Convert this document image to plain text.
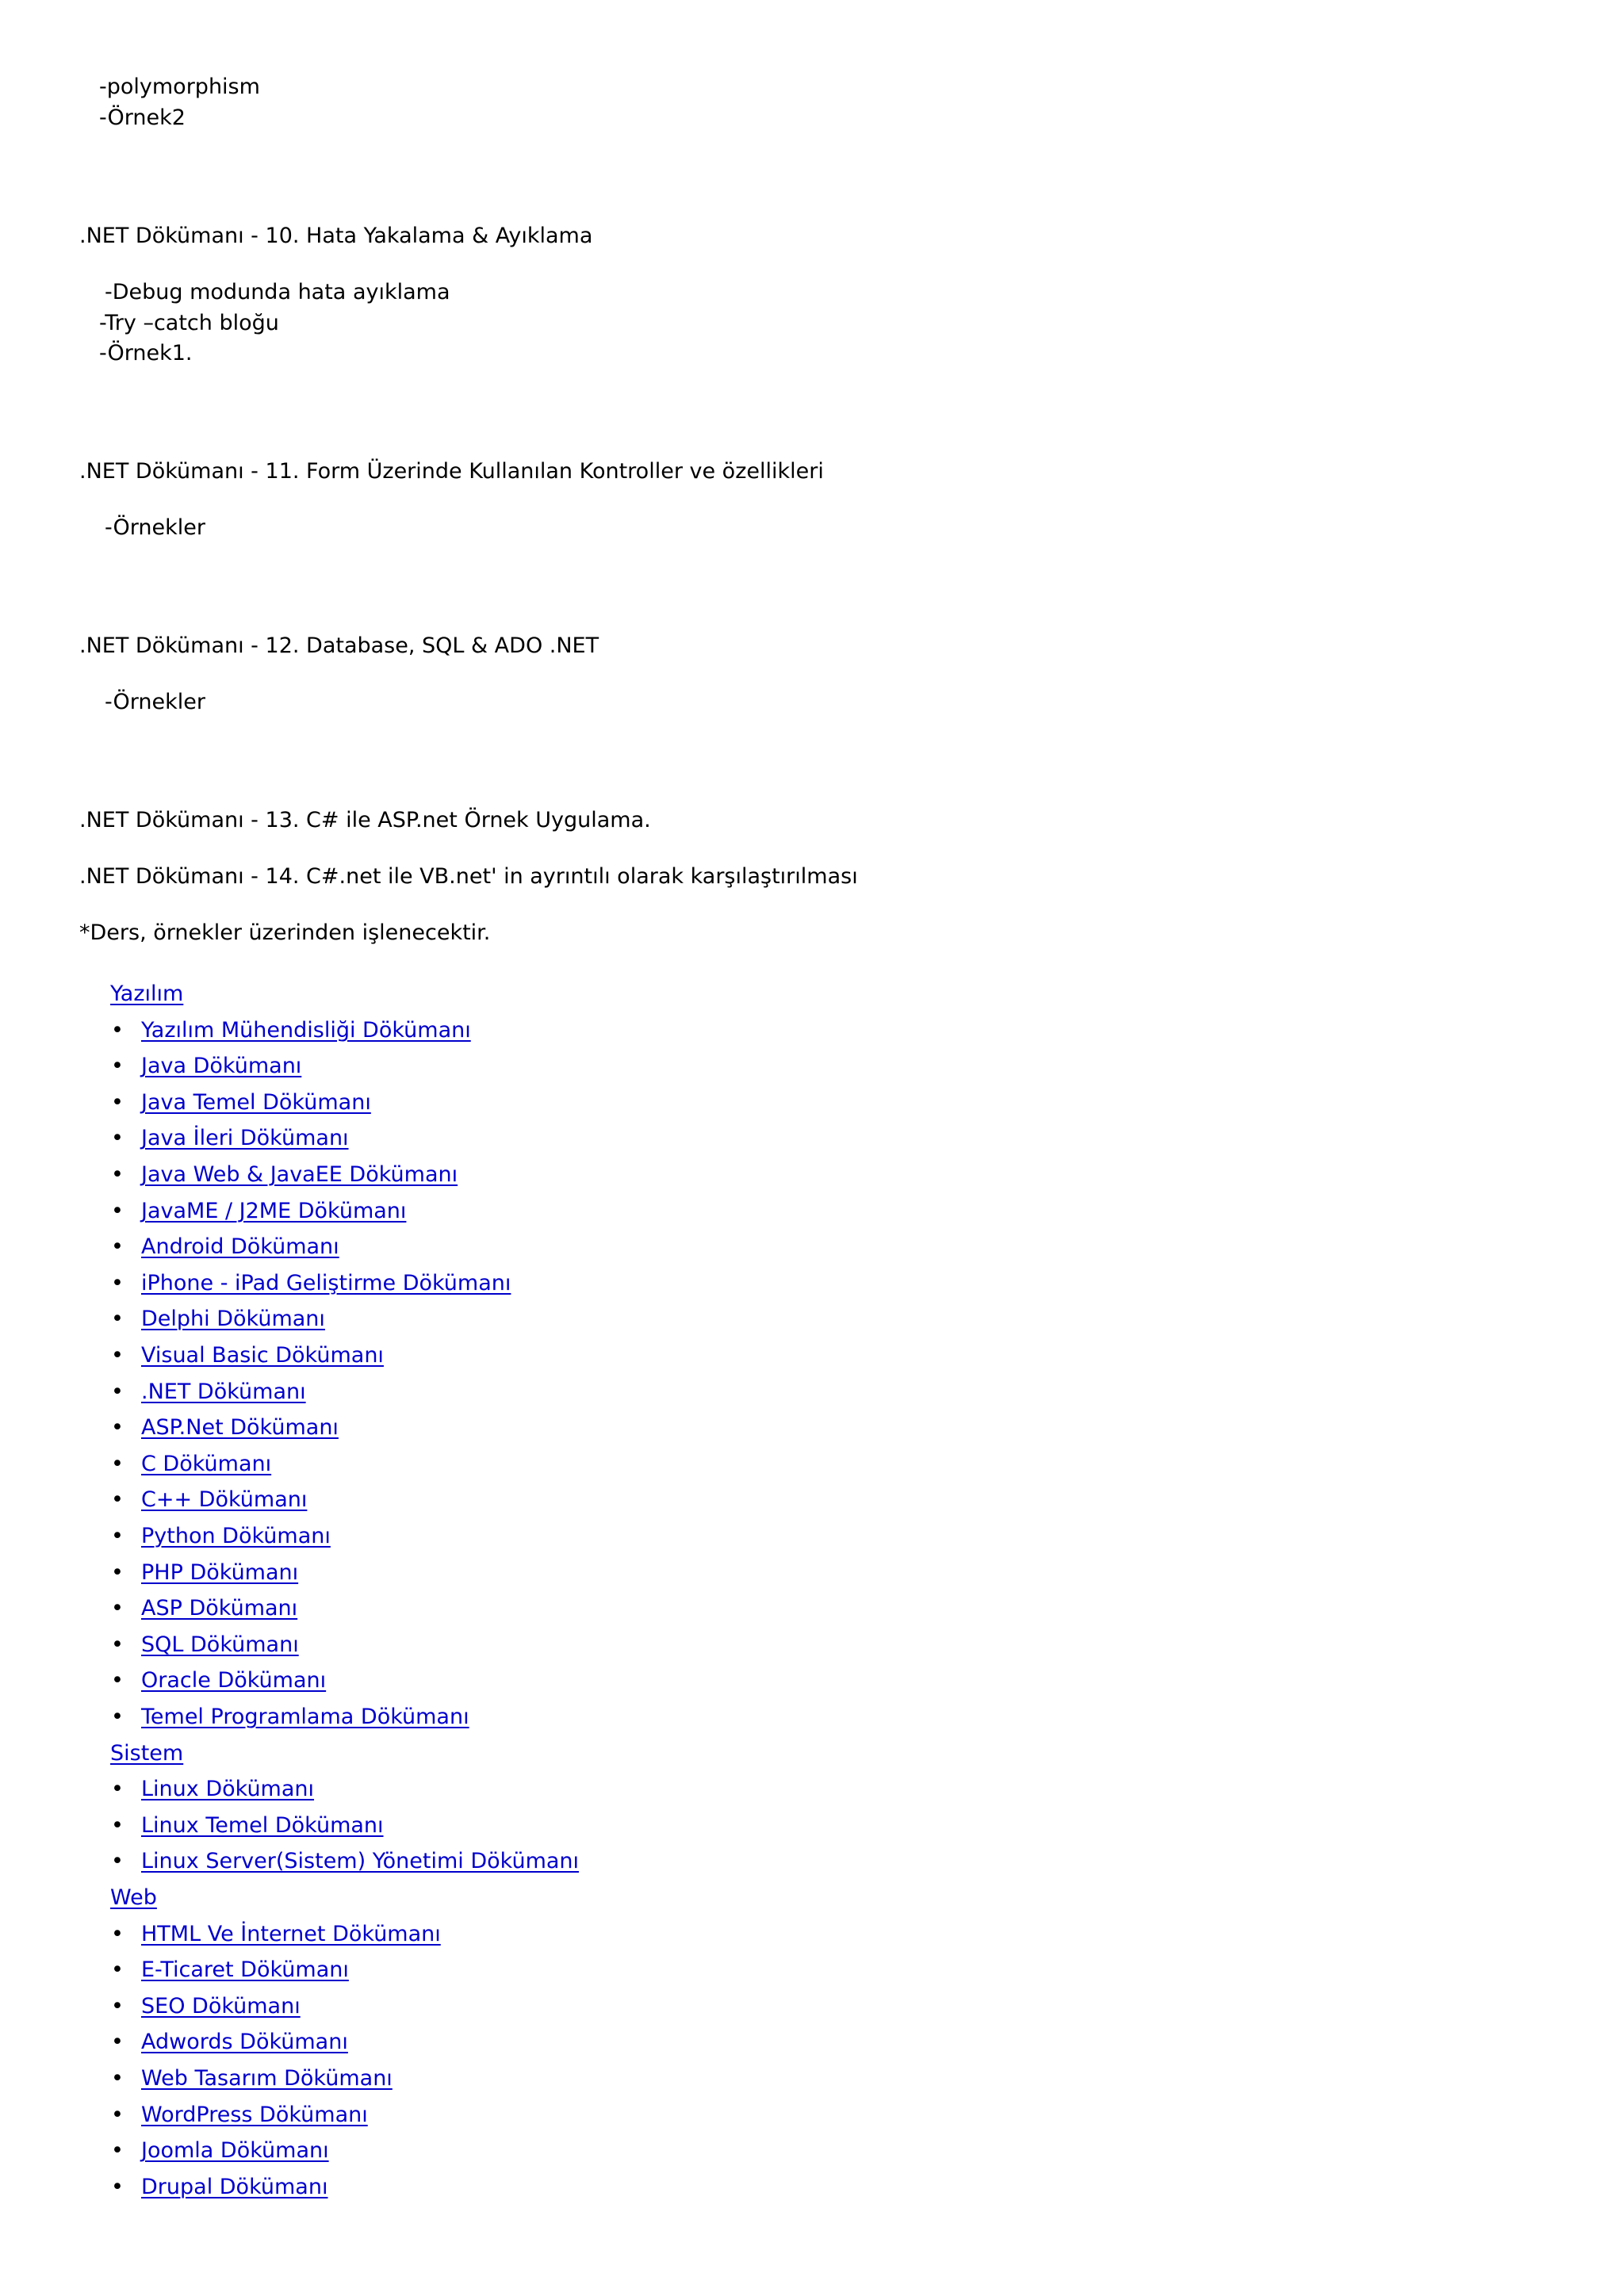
-polymorphism
-Örnek2
.NET Dökümanı - 10. Hata Yakalama & Ayıklama
-Debug modunda hata ayıklama
-Try –catch bloğu
-Örnek1.
.NET Dökümanı - 11. Form Üzerinde Kullanılan Kontroller ve özellikleri
-Örnekler
.NET Dökümanı - 12. Database, SQL & ADO .NET
-Örnekler
.NET Dökümanı - 13. C# ile ASP.net Örnek Uygulama.
.NET Dökümanı - 14. C#.net ile VB.net' in ayrıntılı olarak karşılaştırılması
*Ders, örnekler üzerinden işlenecektir.
Yazılım
• Yazılım Mühendisliği Dökümanı
• Java Dökümanı
• Java Temel Dökümanı
• Java İleri Dökümanı
• Java Web & JavaEE Dökümanı
• JavaME / J2ME Dökümanı
• Android Dökümanı
• iPhone - iPad Geliştirme Dökümanı
• Delphi Dökümanı
• Visual Basic Dökümanı
• .NET Dökümanı
• ASP.Net Dökümanı
• C Dökümanı
• C++ Dökümanı
• Python Dökümanı
• PHP Dökümanı
• ASP Dökümanı
• SQL Dökümanı
• Oracle Dökümanı
• Temel Programlama Dökümanı
Sistem
• Linux Dökümanı
• Linux Temel Dökümanı
• Linux Server(Sistem) Yönetimi Dökümanı
Web
• HTML Ve İnternet Dökümanı
• E-Ticaret Dökümanı
• SEO Dökümanı
• Adwords Dökümanı
• Web Tasarım Dökümanı
• WordPress Dökümanı
• Joomla Dökümanı
• Drupal Dökümanı
